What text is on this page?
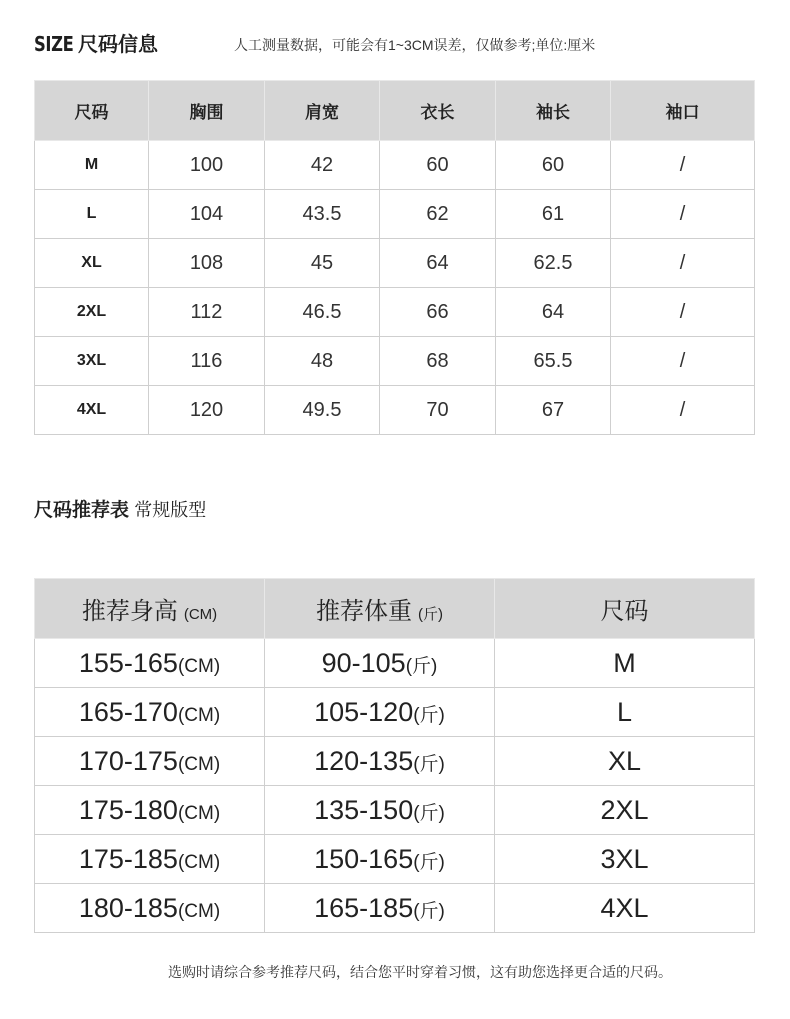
SIZE 尺码信息	人工测量数据，可能会有1~3CM误差，仅做参考;单位:厘米
尺码	胸围	肩宽	衣长	袖长	袖口
M	100	42	60	60	/
L	104	43.5	62	61	/
XL	108	45	64	62.5	/
2XL	112	46.5	66	64	/
3XL	116	48	68	65.5	/
4XL	120	49.5	70	67	/
尺码推荐表 常规版型
推荐身高 (CM)	推荐体重 (斤)	尺码
155-165(CM)	90-105(斤)	M
165-170(CM)	105-120(斤)	L
170-175(CM)	120-135(斤)	XL
175-180(CM)	135-150(斤)	2XL
175-185(CM)	150-165(斤)	3XL
180-185(CM)	165-185(斤)	4XL
选购时请综合参考推荐尺码，结合您平时穿着习惯，这有助您选择更合适的尺码。
